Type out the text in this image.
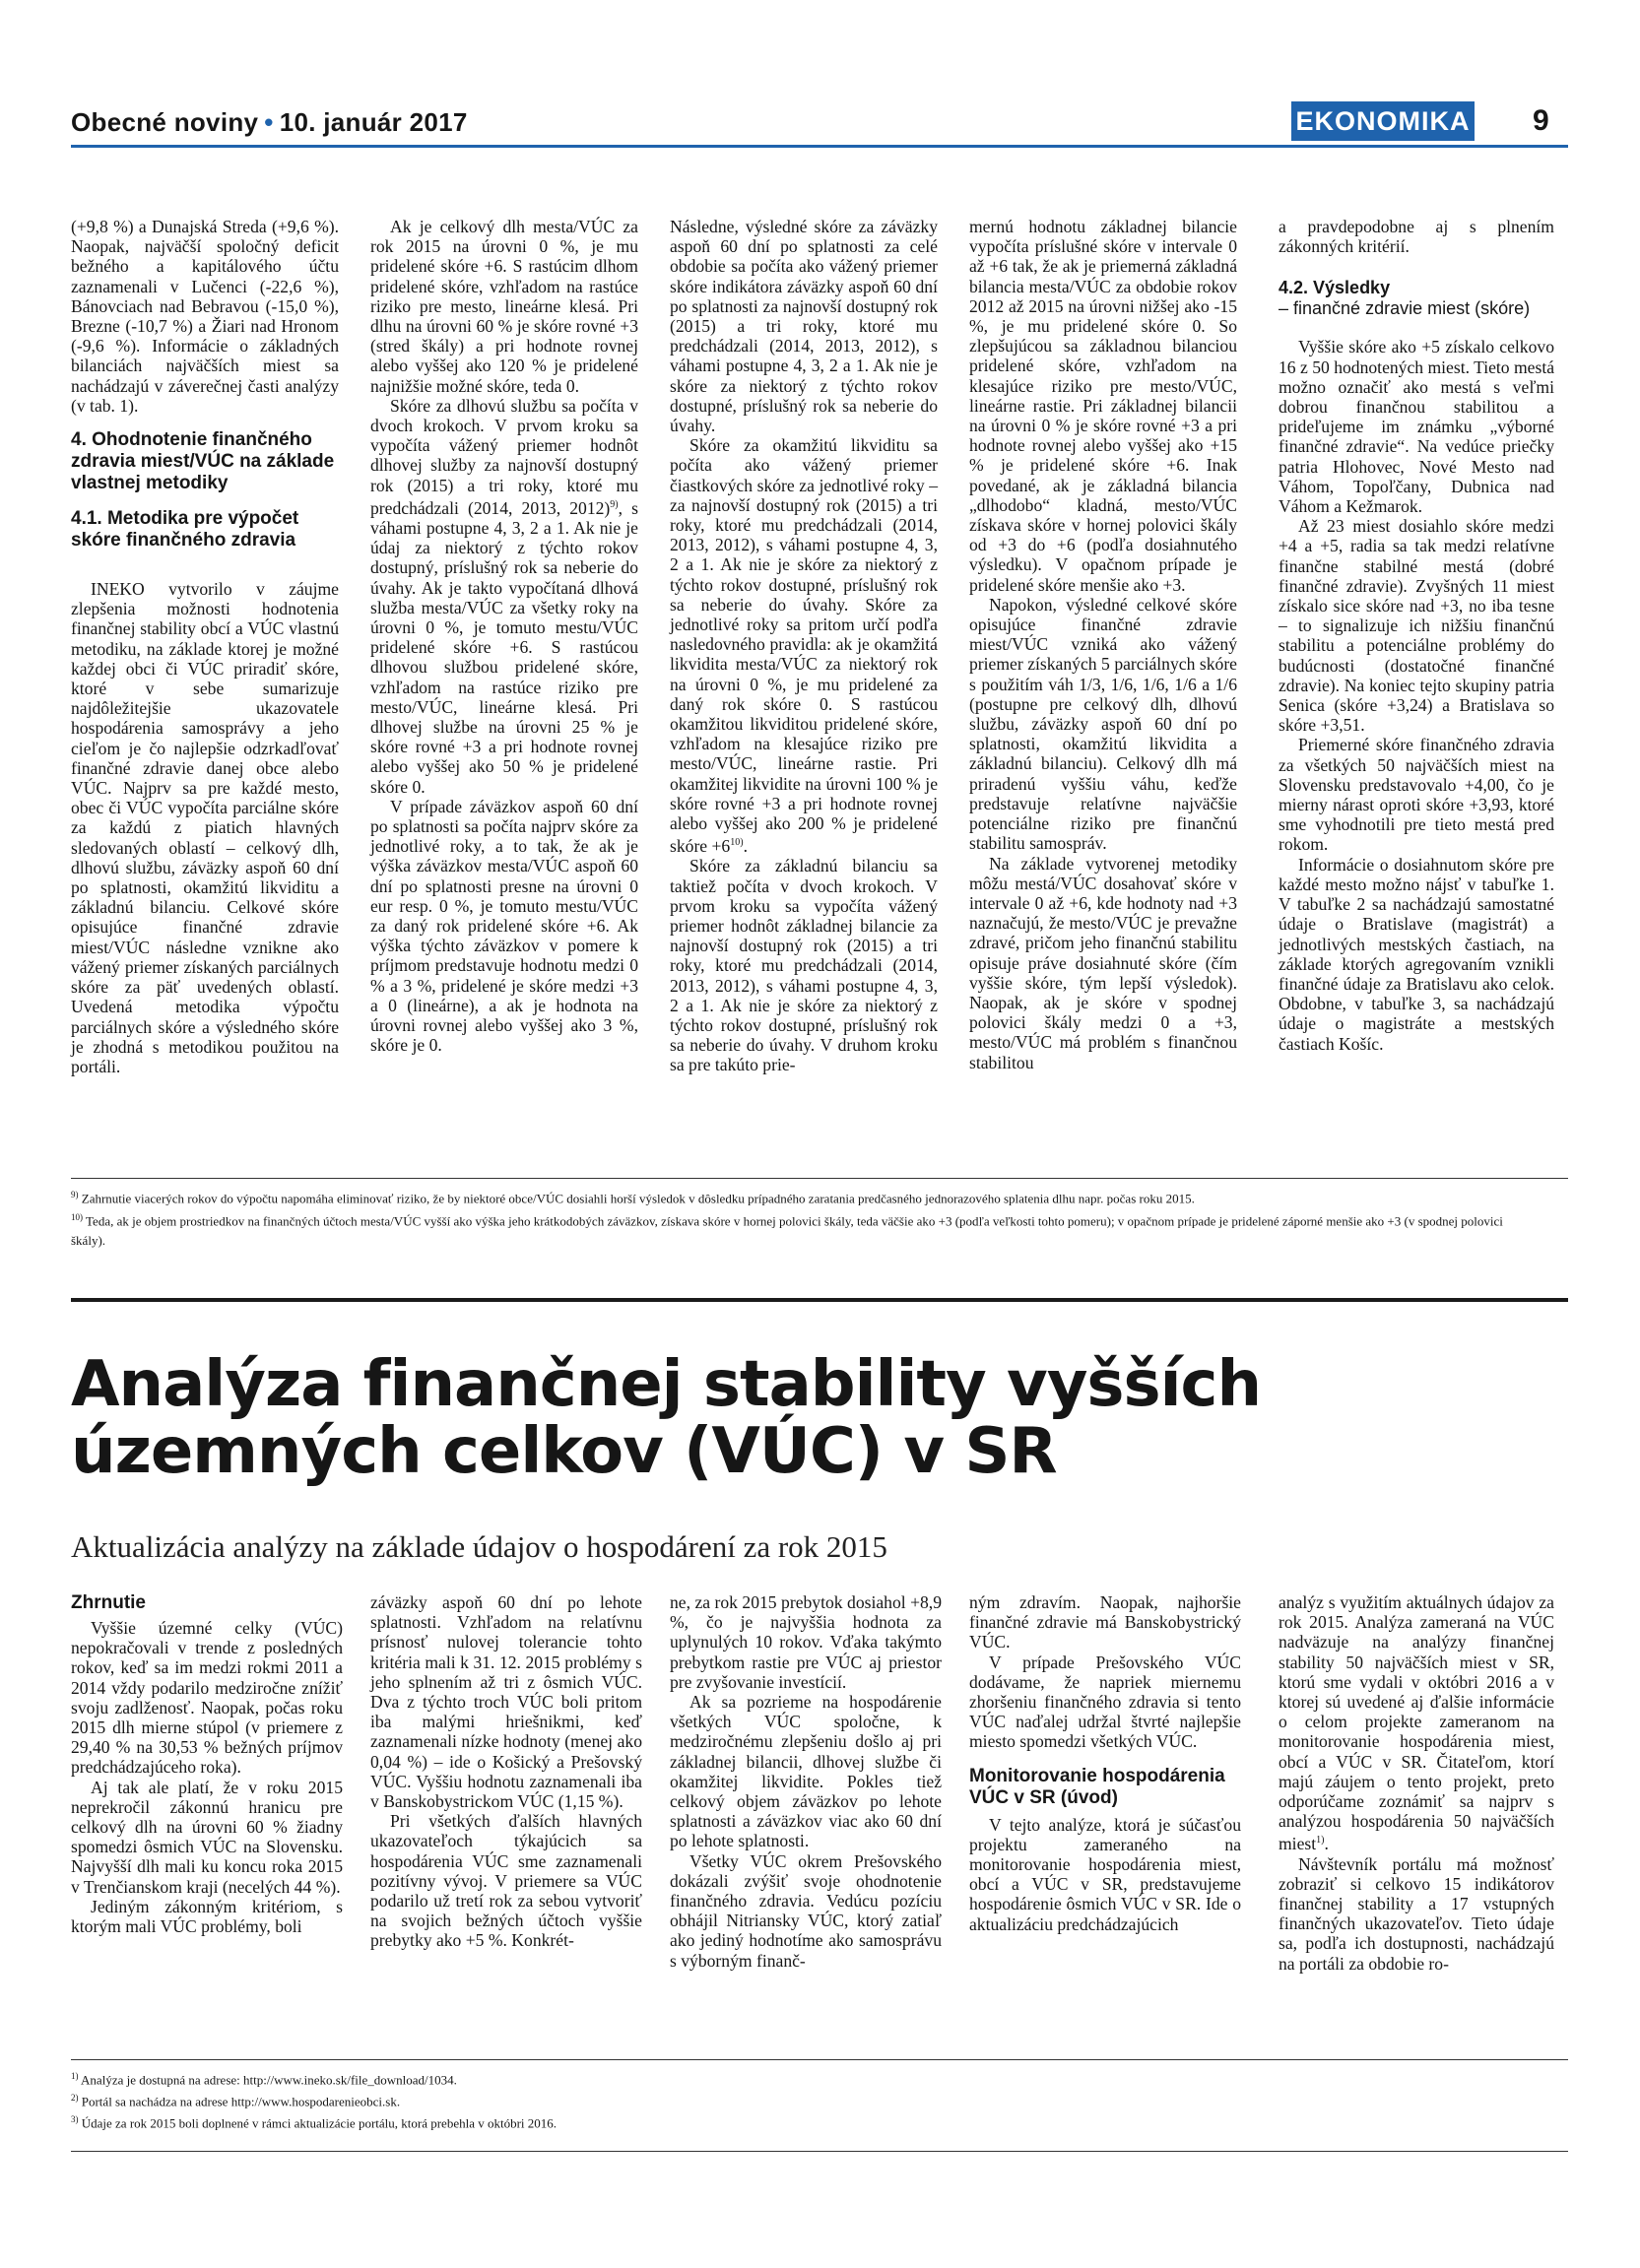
Obecné noviny • 10. január 2017	EKONOMIKA 9

(+9,8 %) a Dunajská Streda (+9,6 %). Naopak, najväčší spoločný deficit bežného a kapitálového účtu zaznamenali v Lučenci (-22,6 %), Bánovciach nad Bebravou (-15,0 %), Brezne (-10,7 %) a Žiari nad Hronom (-9,6 %). Informácie o základných bilanciách najväčších miest sa nachádzajú v záverečnej časti analýzy (v tab. 1).

4. Ohodnotenie finančného zdravia miest/VÚC na základe vlastnej metodiky
4.1. Metodika pre výpočet skóre finančného zdravia

INEKO vytvorilo v záujme zlepšenia možnosti hodnotenia finančnej stability obcí a VÚC vlastnú metodiku, na základe ktorej je možné každej obci či VÚC priradiť skóre, ktoré v sebe sumarizuje najdôležitejšie ukazovatele hospodárenia samosprávy a jeho cieľom je čo najlepšie odzrkadľovať finančné zdravie danej obce alebo VÚC. Najprv sa pre každé mesto, obec či VÚC vypočíta parciálne skóre za každú z piatich hlavných sledovaných oblastí – celkový dlh, dlhovú službu, záväzky aspoň 60 dní po splatnosti, okamžitú likviditu a základnú bilanciu. Celkové skóre opisujúce finančné zdravie miest/VÚC následne vznikne ako vážený priemer získaných parciálnych skóre za päť uvedených oblastí. Uvedená metodika výpočtu parciálnych skóre a výsledného skóre je zhodná s metodikou použitou na portáli.

Ak je celkový dlh mesta/VÚC za rok 2015 na úrovni 0 %, je mu pridelené skóre +6. S rastúcim dlhom pridelené skóre, vzhľadom na rastúce riziko pre mesto, lineárne klesá. Pri dlhu na úrovni 60 % je skóre rovné +3 (stred škály) a pri hodnote rovnej alebo vyššej ako 120 % je pridelené najnižšie možné skóre, teda 0.

Skóre za dlhovú službu sa počíta v dvoch krokoch. V prvom kroku sa vypočíta vážený priemer hodnôt dlhovej služby za najnovší dostupný rok (2015) a tri roky, ktoré mu predchádzali (2014, 2013, 2012)$^{9)}$, s váhami postupne 4, 3, 2 a 1. Ak nie je údaj za niektorý z týchto rokov dostupný, príslušný rok sa neberie do úvahy. Ak je takto vypočítaná dlhová služba mesta/VÚC za všetky roky na úrovni 0 %, je tomuto mestu/VÚC pridelené skóre +6. S rastúcou dlhovou službou pridelené skóre, vzhľadom na rastúce riziko pre mesto/VÚC, lineárne klesá. Pri dlhovej službe na úrovni 25 % je skóre rovné +3 a pri hodnote rovnej alebo vyššej ako 50 % je pridelené skóre 0.

V prípade záväzkov aspoň 60 dní po splatnosti sa počíta najprv skóre za jednotlivé roky, a to tak, že ak je výška záväzkov mesta/VÚC aspoň 60 dní po splatnosti presne na úrovni 0 eur resp. 0 %, je tomuto mestu/VÚC za daný rok pridelené skóre +6. Ak výška týchto záväzkov v pomere k príjmom predstavuje hodnotu medzi 0 % a 3 %, pridelené je skóre medzi +3 a 0 (lineárne), a ak je hodnota na úrovni rovnej alebo vyššej ako 3 %, skóre je 0.

Následne, výsledné skóre za záväzky aspoň 60 dní po splatnosti za celé obdobie sa počíta ako vážený priemer skóre indikátora záväzky aspoň 60 dní po splatnosti za najnovší dostupný rok (2015) a tri roky, ktoré mu predchádzali (2014, 2013, 2012), s váhami postupne 4, 3, 2 a 1. Ak nie je skóre za niektorý z týchto rokov dostupné, príslušný rok sa neberie do úvahy.

Skóre za okamžitú likviditu sa počíta ako vážený priemer čiastkových skóre za jednotlivé roky – za najnovší dostupný rok (2015) a tri roky, ktoré mu predchádzali (2014, 2013, 2012), s váhami postupne 4, 3, 2 a 1. Ak nie je skóre za niektorý z týchto rokov dostupné, príslušný rok sa neberie do úvahy. Skóre za jednotlivé roky sa pritom určí podľa nasledovného pravidla: ak je okamžitá likvidita mesta/VÚC za niektorý rok na úrovni 0 %, je mu pridelené za daný rok skóre 0. S rastúcou okamžitou likviditou pridelené skóre, vzhľadom na klesajúce riziko pre mesto/VÚC, lineárne rastie. Pri okamžitej likvidite na úrovni 100 % je skóre rovné +3 a pri hodnote rovnej alebo vyššej ako 200 % je pridelené skóre $+6^{10)}$.

Skóre za základnú bilanciu sa taktiež počíta v dvoch krokoch. V prvom kroku sa vypočíta vážený priemer hodnôt základnej bilancie za najnovší dostupný rok (2015) a tri roky, ktoré mu predchádzali (2014, 2013, 2012), s váhami postupne 4, 3, 2 a 1. Ak nie je skóre za niektorý z týchto rokov dostupné, príslušný rok sa neberie do úvahy. V druhom kroku sa pre takúto prie-

mernú hodnotu základnej bilancie vypočíta príslušné skóre v intervale 0 až +6 tak, že ak je priemerná základná bilancia mesta/VÚC za obdobie rokov 2012 až 2015 na úrovni nižšej ako -15 %, je mu pridelené skóre 0. So zlepšujúcou sa základnou bilanciou pridelené skóre, vzhľadom na klesajúce riziko pre mesto/VÚC, lineárne rastie. Pri základnej bilancii na úrovni 0 % je skóre rovné +3 a pri hodnote rovnej alebo vyššej ako +15 % je pridelené skóre +6. Inak povedané, ak je základná bilancia „dlhodobo“ kladná, mesto/VÚC získava skóre v hornej polovici škály od +3 do +6 (podľa dosiahnutého výsledku). V opačnom prípade je pridelené skóre menšie ako +3.

Napokon, výsledné celkové skóre opisujúce finančné zdravie miest/VÚC vzniká ako vážený priemer získaných 5 parciálnych skóre s použitím váh 1/3, 1/6, 1/6, 1/6 a 1/6 (postupne pre celkový dlh, dlhovú službu, záväzky aspoň 60 dní po splatnosti, okamžitú likvidita a základnú bilanciu). Celkový dlh má priradenú vyššiu váhu, keďže predstavuje relatívne najväčšie potenciálne riziko pre finančnú stabilitu samospráv.

Na základe vytvorenej metodiky môžu mestá/VÚC dosahovať skóre v intervale 0 až +6, kde hodnoty nad +3 naznačujú, že mesto/VÚC je prevažne zdravé, pričom jeho finančnú stabilitu opisuje práve dosiahnuté skóre (čím vyššie skóre, tým lepší výsledok). Naopak, ak je skóre v spodnej polovici škály medzi 0 a +3, mesto/VÚC má problém s finančnou stabilitou

a pravdepodobne aj s plnením zákonných kritérií.

4.2. Výsledky
– finančné zdravie miest (skóre)

Vyššie skóre ako +5 získalo celkovo 16 z 50 hodnotených miest. Tieto mestá možno označiť ako mestá s veľmi dobrou finančnou stabilitou a prideľujeme im známku „výborné finančné zdravie“. Na vedúce priečky patria Hlohovec, Nové Mesto nad Váhom, Topoľčany, Dubnica nad Váhom a Kežmarok.

Až 23 miest dosiahlo skóre medzi +4 a +5, radia sa tak medzi relatívne finančne stabilné mestá (dobré finančné zdravie). Zvyšných 11 miest získalo sice skóre nad +3, no iba tesne – to signalizuje ich nižšiu finančnú stabilitu a potenciálne problémy do budúcnosti (dostatočné finančné zdravie). Na koniec tejto skupiny patria Senica (skóre +3,24) a Bratislava so skóre +3,51.

Priemerné skóre finančného zdravia za všetkých 50 najväčších miest na Slovensku predstavovalo +4,00, čo je mierny nárast oproti skóre +3,93, ktoré sme vyhodnotili pre tieto mestá pred rokom.

Informácie o dosiahnutom skóre pre každé mesto možno nájsť v tabuľke 1. V tabuľke 2 sa nachádzajú samostatné údaje o Bratislave (magistrát) a jednotlivých mestských častiach, na základe ktorých agregovaním vznikli finančné údaje za Bratislavu ako celok. Obdobne, v tabuľke 3, sa nachádzajú údaje o magistráte a mestských častiach Košíc.

$^{9)}$ Zahrnutie viacerých rokov do výpočtu napomáha eliminovať riziko, že by niektoré obce/VÚC dosiahli horší výsledok v dôsledku prípadného zaratania predčasného jednorazového splatenia dlhu napr. počas roku 2015.
$^{10)}$ Teda, ak je objem prostriedkov na finančných účtoch mesta/VÚC vyšší ako výška jeho krátkodobých záväzkov, získava skóre v hornej polovici škály, teda väčšie ako +3 (podľa veľkosti tohto pomeru); v opačnom prípade je pridelené záporné menšie ako +3 (v spodnej polovici škály).
Analýza finančnej stability vyšších územných celkov (VÚC) v SR
Aktualizácia analýzy na základe údajov o hospodárení za rok 2015
Zhrnutie

Vyššie územné celky (VÚC) nepokračovali v trende z posledných rokov, keď sa im medzi rokmi 2011 a 2014 vždy podarilo medziročne znížiť svoju zadlženosť. Naopak, počas roku 2015 dlh mierne stúpol (v priemere z 29,40 % na 30,53 % bežných príjmov predchádzajúceho roka).

Aj tak ale platí, že v roku 2015 neprekročil zákonnú hranicu pre celkový dlh na úrovni 60 % žiadny spomedzi ôsmich VÚC na Slovensku. Najvyšší dlh mali ku koncu roka 2015 v Trenčianskom kraji (necelých 44 %).

Jediným zákonným kritériom, s ktorým mali VÚC problémy, boli

záväzky aspoň 60 dní po lehote splatnosti. Vzhľadom na relatívnu prísnosť nulovej tolerancie tohto kritéria mali k 31. 12. 2015 problémy s jeho splnením až tri z ôsmich VÚC. Dva z týchto troch VÚC boli pritom iba malými hriešnikmi, keď zaznamenali nízke hodnoty (menej ako 0,04 %) – ide o Košický a Prešovský VÚC. Vyššiu hodnotu zaznamenali iba v Banskobystrickom VÚC (1,15 %).

Pri všetkých ďalších hlavných ukazovateľoch týkajúcich sa hospodárenia VÚC sme zaznamenali pozitívny vývoj. V priemere sa VÚC podarilo už tretí rok za sebou vytvoriť na svojich bežných účtoch vyššie prebytky ako +5 %. Konkrét-

ne, za rok 2015 prebytok dosiahol +8,9 %, čo je najvyššia hodnota za uplynulých 10 rokov. Vďaka takýmto prebytkom rastie pre VÚC aj priestor pre zvyšovanie investícií.

Ak sa pozrieme na hospodárenie všetkých VÚC spoločne, k medziročnému zlepšeniu došlo aj pri základnej bilancii, dlhovej službe či okamžitej likvidite. Pokles tiež celkový objem záväzkov po lehote splatnosti a záväzkov viac ako 60 dní po lehote splatnosti.

Všetky VÚC okrem Prešovského dokázali zvýšiť svoje ohodnotenie finančného zdravia. Vedúcu pozíciu obhájil Nitriansky VÚC, ktorý zatiaľ ako jediný hodnotíme ako samosprávu s výborným finanč-

ným zdravím. Naopak, najhoršie finančné zdravie má Banskobystrický VÚC.

V prípade Prešovského VÚC dodávame, že napriek miernemu zhoršeniu finančného zdravia si tento VÚC naďalej udržal štvrté najlepšie miesto spomedzi všetkých VÚC.

Monitorovanie hospodárenia VÚC v SR (úvod)

V tejto analýze, ktorá je súčasťou projektu zameraného na monitorovanie hospodárenia miest, obcí a VÚC v SR, predstavujeme hospodárenie ôsmich VÚC v SR. Ide o aktualizáciu predchádzajúcich

analýz s využitím aktuálnych údajov za rok 2015. Analýza zameraná na VÚC nadväzuje na analýzy finančnej stability 50 najväčších miest v SR, ktorú sme vydali v októbri 2016 a v ktorej sú uvedené aj ďalšie informácie o celom projekte zameranom na monitorovanie hospodárenia miest, obcí a VÚC v SR. Čitateľom, ktorí majú záujem o tento projekt, preto odporúčame zoznámiť sa najprv s analýzou hospodárenia 50 najväčších miest$^{1)}$.

Návštevník portálu má možnosť zobraziť si celkovo 15 indikátorov finančnej stability a 17 vstupných finančných ukazovateľov. Tieto údaje sa, podľa ich dostupnosti, nachádzajú na portáli za obdobie ro-

$^{1)}$ Analýza je dostupná na adrese: http://www.ineko.sk/file_download/1034.
$^{2)}$ Portál sa nachádza na adrese http://www.hospodarenieobci.sk.
$^{3)}$ Údaje za rok 2015 boli doplnené v rámci aktualizácie portálu, ktorá prebehla v októbri 2016.
